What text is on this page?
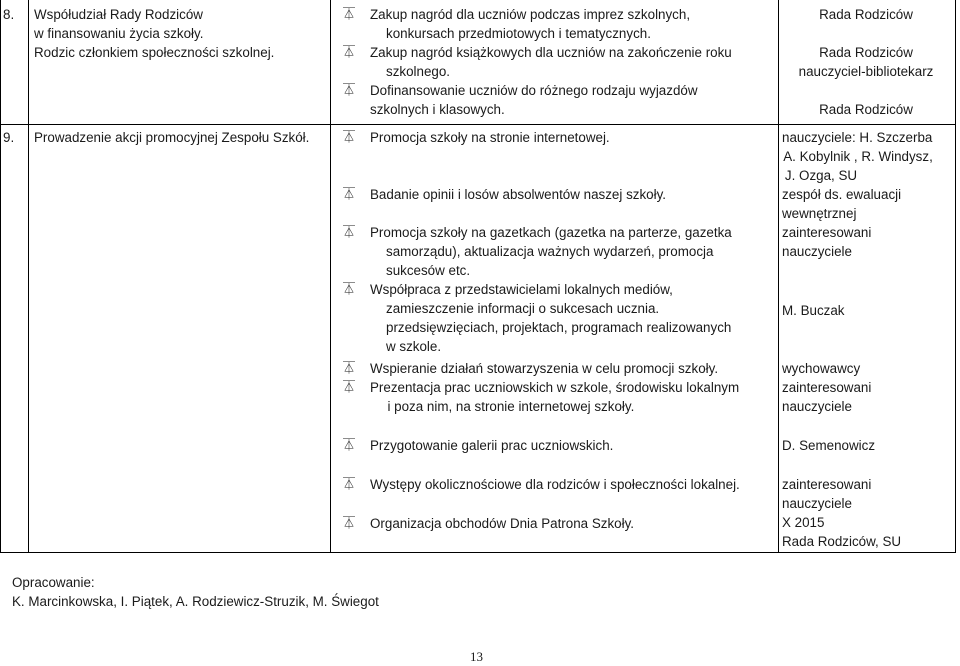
8. Współudział Rady Rodziców
w finansowaniu życia szkoły.
Rodzic członkiem społeczności szkolnej.
⏄ Zakup nagród dla uczniów podczas imprez szkolnych,
konkursach przedmiotowych i tematycznych.
⏄ Zakup nagród książkowych dla uczniów na zakończenie roku
szkolnego.
⏄ Dofinansowanie uczniów do różnego rodzaju wyjazdów
szkolnych i klasowych.
Rada Rodziców
Rada Rodziców
nauczyciel-bibliotekarz
Rada Rodziców
9. Prowadzenie akcji promocyjnej Zespołu Szkół.	⏄ Promocja szkoły na stronie internetowej.
⏄ Badanie opinii i losów absolwentów naszej szkoły.
⏄ Promocja szkoły na gazetkach (gazetka na parterze, gazetka
samorządu), aktualizacja ważnych wydarzeń, promocja
sukcesów etc.
⏄ Współpraca z przedstawicielami lokalnych mediów,
zamieszczenie informacji o sukcesach ucznia.
przedsięwzięciach, projektach, programach realizowanych
w szkole.
⏄ Wspieranie działań stowarzyszenia w celu promocji szkoły.
⏄ Prezentacja prac uczniowskich w szkole, środowisku lokalnym
i poza nim, na stronie internetowej szkoły.
⏄ Przygotowanie galerii prac uczniowskich.
⏄ Występy okolicznościowe dla rodziców i społeczności lokalnej.
⏄ Organizacja obchodów Dnia Patrona Szkoły.
nauczyciele: H. Szczerba
A. Kobylnik , R. Windysz,
J. Ozga, SU
zespół ds. ewaluacji
wewnętrznej
zainteresowani
nauczyciele
M. Buczak
wychowawcy
zainteresowani
nauczyciele
D. Semenowicz
zainteresowani
nauczyciele
X 2015
Rada Rodziców, SU
Opracowanie:
K. Marcinkowska, I. Piątek, A. Rodziewicz-Struzik, M. Świegot
13
